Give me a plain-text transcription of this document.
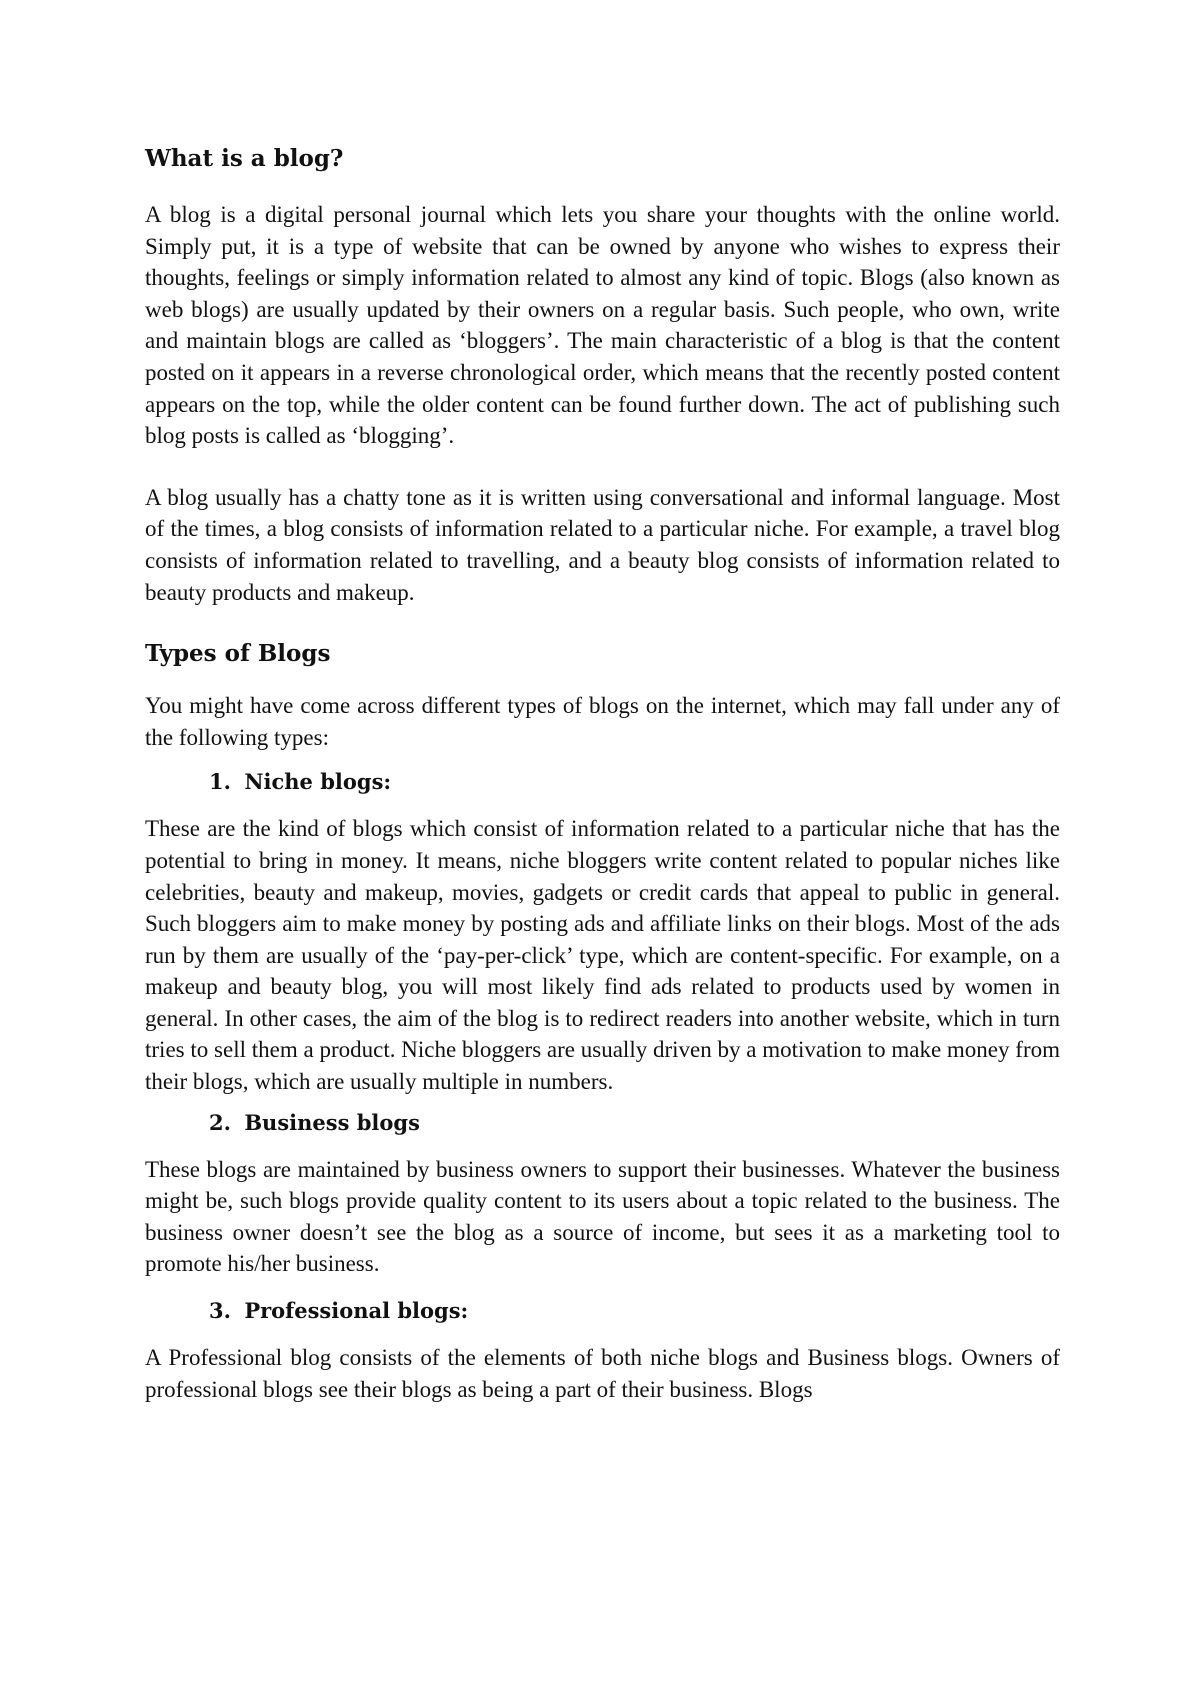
What is a blog?

A blog is a digital personal journal which lets you share your thoughts with the online world. Simply put, it is a type of website that can be owned by anyone who wishes to express their thoughts, feelings or simply information related to almost any kind of topic. Blogs (also known as web blogs) are usually updated by their owners on a regular basis. Such people, who own, write and maintain blogs are called as ‘bloggers’. The main characteristic of a blog is that the content posted on it appears in a reverse chronological order, which means that the recently posted content appears on the top, while the older content can be found further down. The act of publishing such blog posts is called as ‘blogging’.

A blog usually has a chatty tone as it is written using conversational and informal language. Most of the times, a blog consists of information related to a particular niche. For example, a travel blog consists of information related to travelling, and a beauty blog consists of information related to beauty products and makeup.

Types of Blogs

You might have come across different types of blogs on the internet, which may fall under any of the following types:

1. Niche blogs:

These are the kind of blogs which consist of information related to a particular niche that has the potential to bring in money. It means, niche bloggers write content related to popular niches like celebrities, beauty and makeup, movies, gadgets or credit cards that appeal to public in general. Such bloggers aim to make money by posting ads and affiliate links on their blogs. Most of the ads run by them are usually of the ‘pay-per-click’ type, which are content-specific. For example, on a makeup and beauty blog, you will most likely find ads related to products used by women in general. In other cases, the aim of the blog is to redirect readers into another website, which in turn tries to sell them a product. Niche bloggers are usually driven by a motivation to make money from their blogs, which are usually multiple in numbers.

2. Business blogs

These blogs are maintained by business owners to support their businesses. Whatever the business might be, such blogs provide quality content to its users about a topic related to the business. The business owner doesn’t see the blog as a source of income, but sees it as a marketing tool to promote his/her business.

3. Professional blogs:

A Professional blog consists of the elements of both niche blogs and Business blogs. Owners of professional blogs see their blogs as being a part of their business. Blogs
